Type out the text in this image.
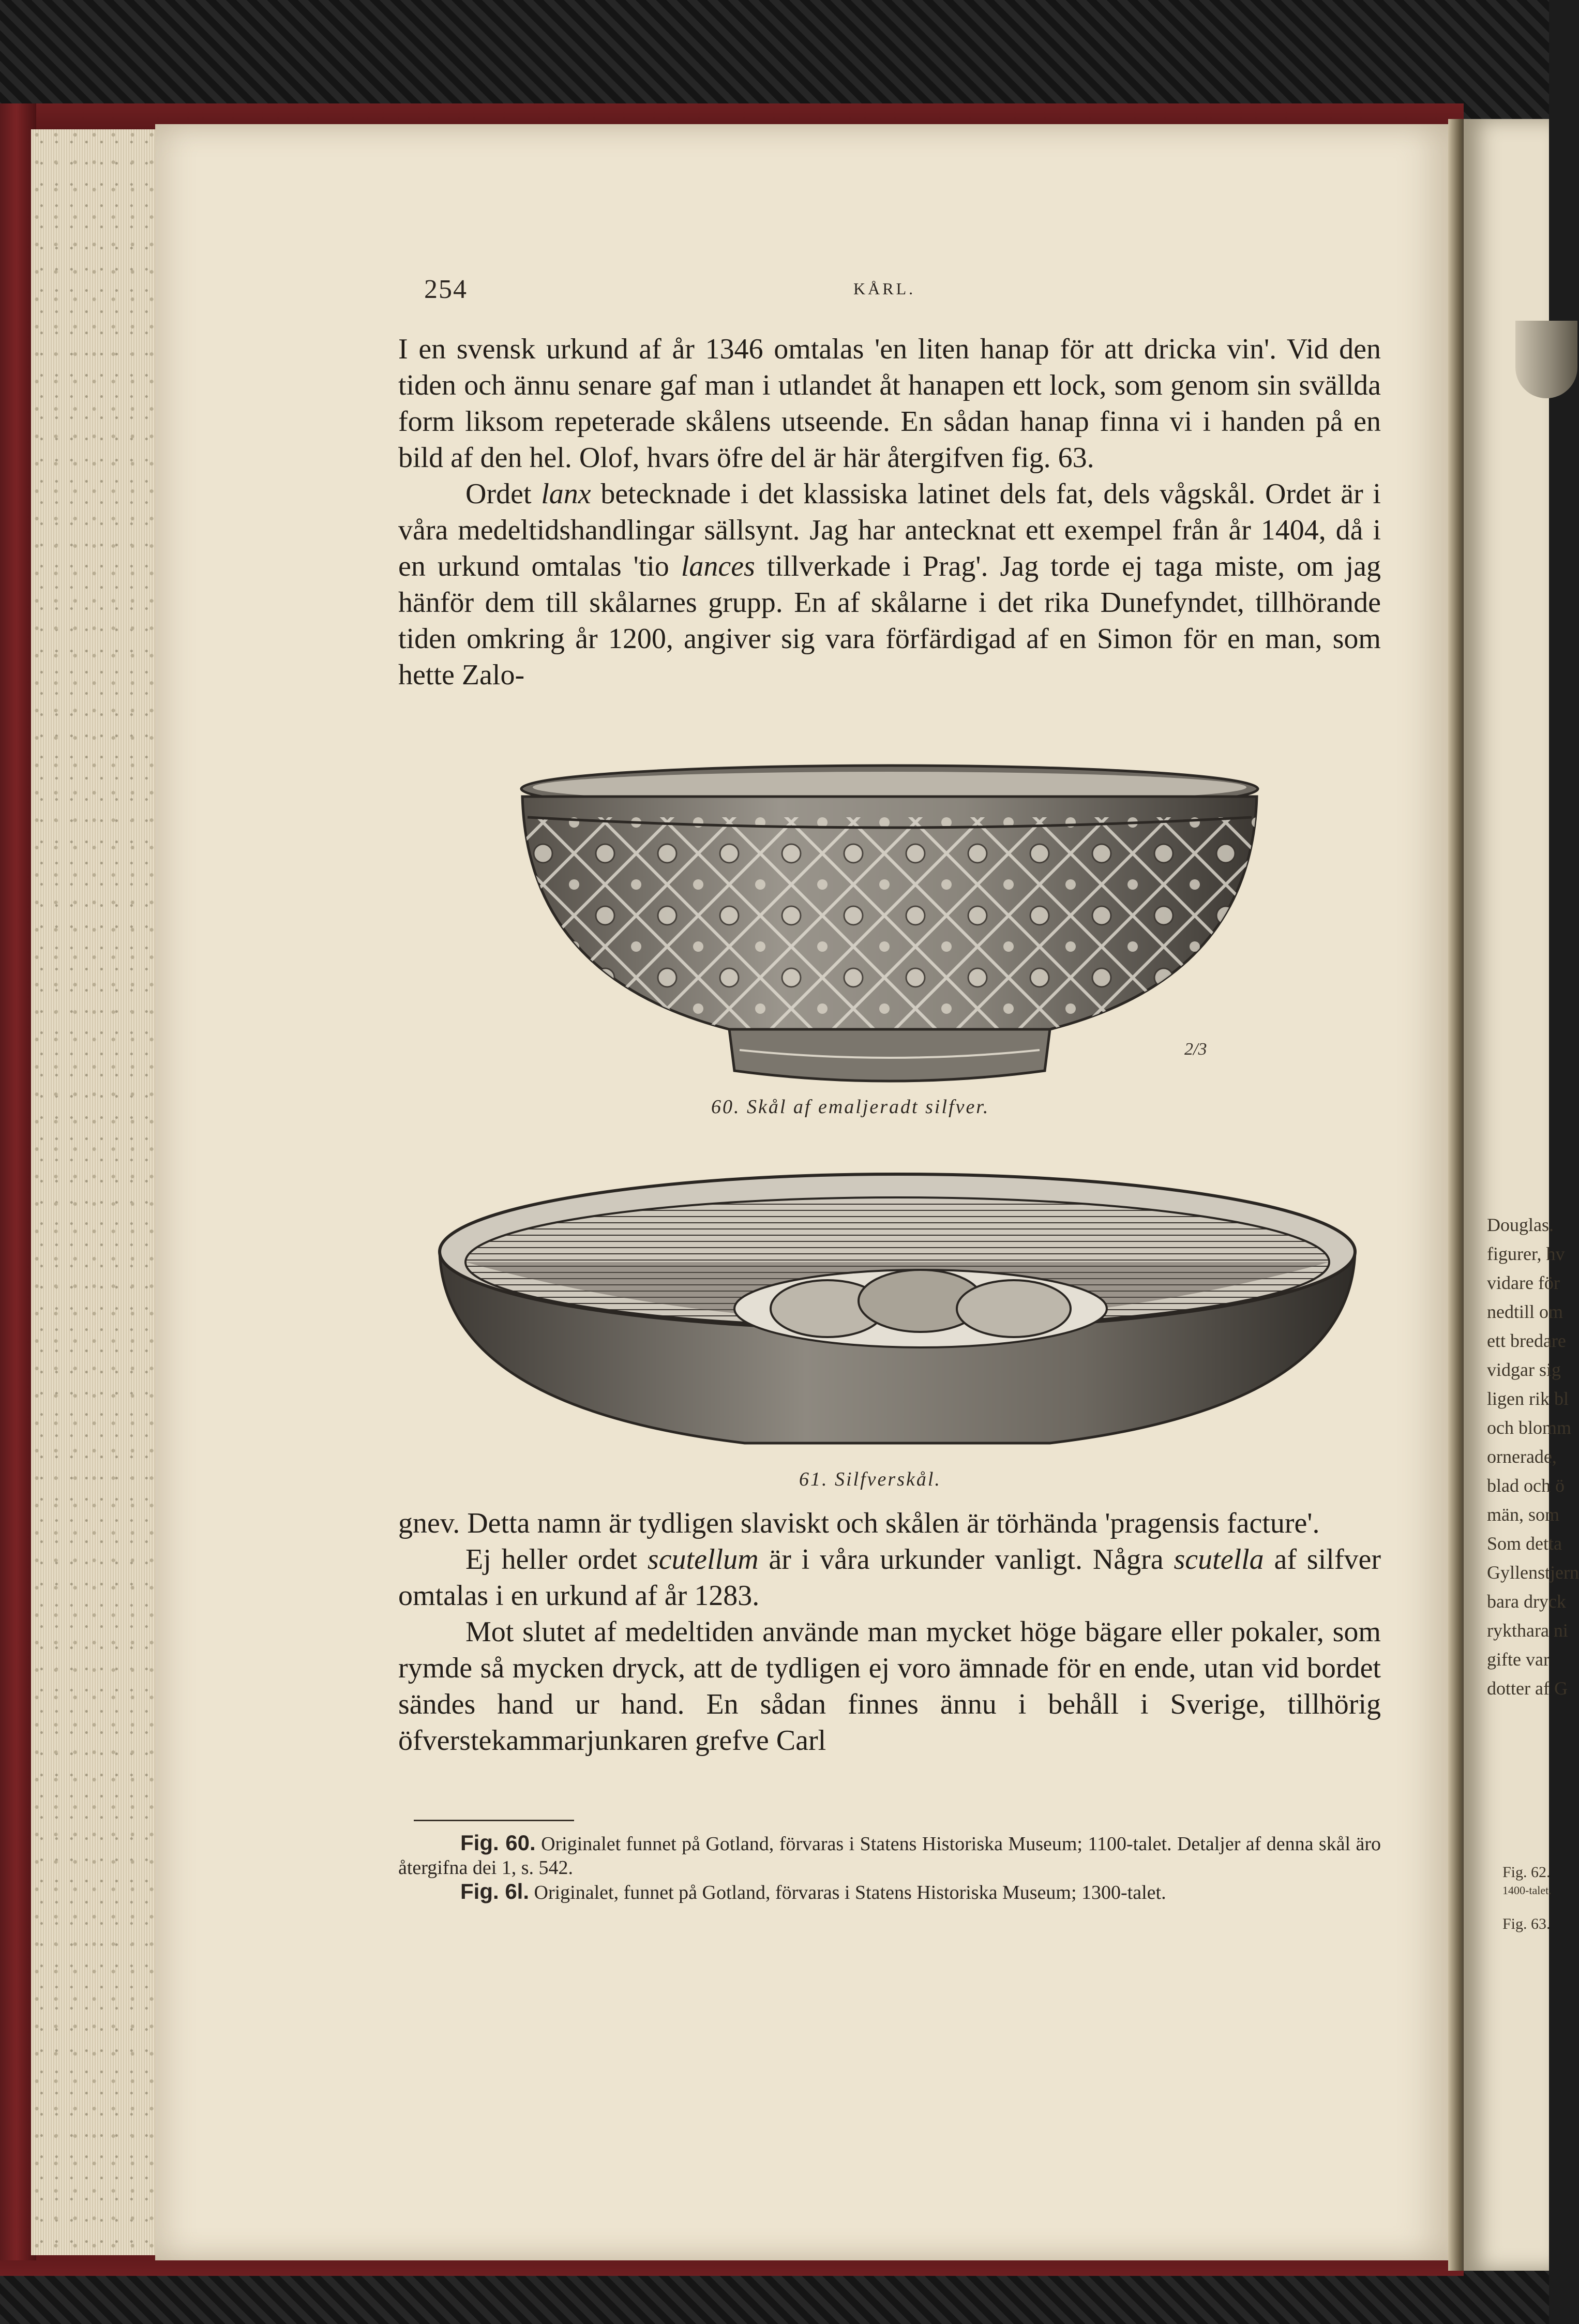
Douglas.
figurer, hv
vidare för
nedtill om
ett bredare
vidgar sig
ligen rik bl
och blomm
ornerade,
blad och ö
män, som
Som detta
Gyllenstjern
bara dryck
rykthara ni
gifte var
dotter af G
Fig. 62.
1400-talet.
Fig. 63.
254	KÅRL.

I en svensk urkund af år 1346 omtalas 'en liten hanap för att dricka vin'. Vid den tiden och ännu senare gaf man i utlandet åt hanapen ett lock, som genom sin svällda form liksom repeterade skålens utseende. En sådan hanap finna vi i handen på en bild af den hel. Olof, hvars öfre del är här återgifven fig. 63.

Ordet lanx betecknade i det klassiska latinet dels fat, dels vågskål. Ordet är i våra medeltidshandlingar sällsynt. Jag har antecknat ett exempel från år 1404, då i en urkund omtalas 'tio lances tillverkade i Prag'. Jag torde ej taga miste, om jag hänför dem till skålarnes grupp. En af skålarne i det rika Dunefyndet, tillhörande tiden omkring år 1200, angiver sig vara förfärdigad af en Simon för en man, som hette Zalo-

2/3
60. Skål af emaljeradt silfver.
61. Silfverskål.

gnev. Detta namn är tydligen slaviskt och skålen är törhända 'pragensis facture'.

Ej heller ordet scutellum är i våra urkunder vanligt. Några scutella af silfver omtalas i en urkund af år 1283.

Mot slutet af medeltiden använde man mycket höge bägare eller pokaler, som rymde så mycken dryck, att de tydligen ej voro ämnade för en ende, utan vid bordet sändes hand ur hand. En sådan finnes ännu i behåll i Sverige, tillhörig öfverstekammarjunkaren grefve Carl

Fig. 60. Originalet funnet på Gotland, förvaras i Statens Historiska Museum; 1100-talet. Detaljer af denna skål äro återgifna dei 1, s. 542.

Fig. 6l. Originalet, funnet på Gotland, förvaras i Statens Historiska Museum; 1300-talet.
